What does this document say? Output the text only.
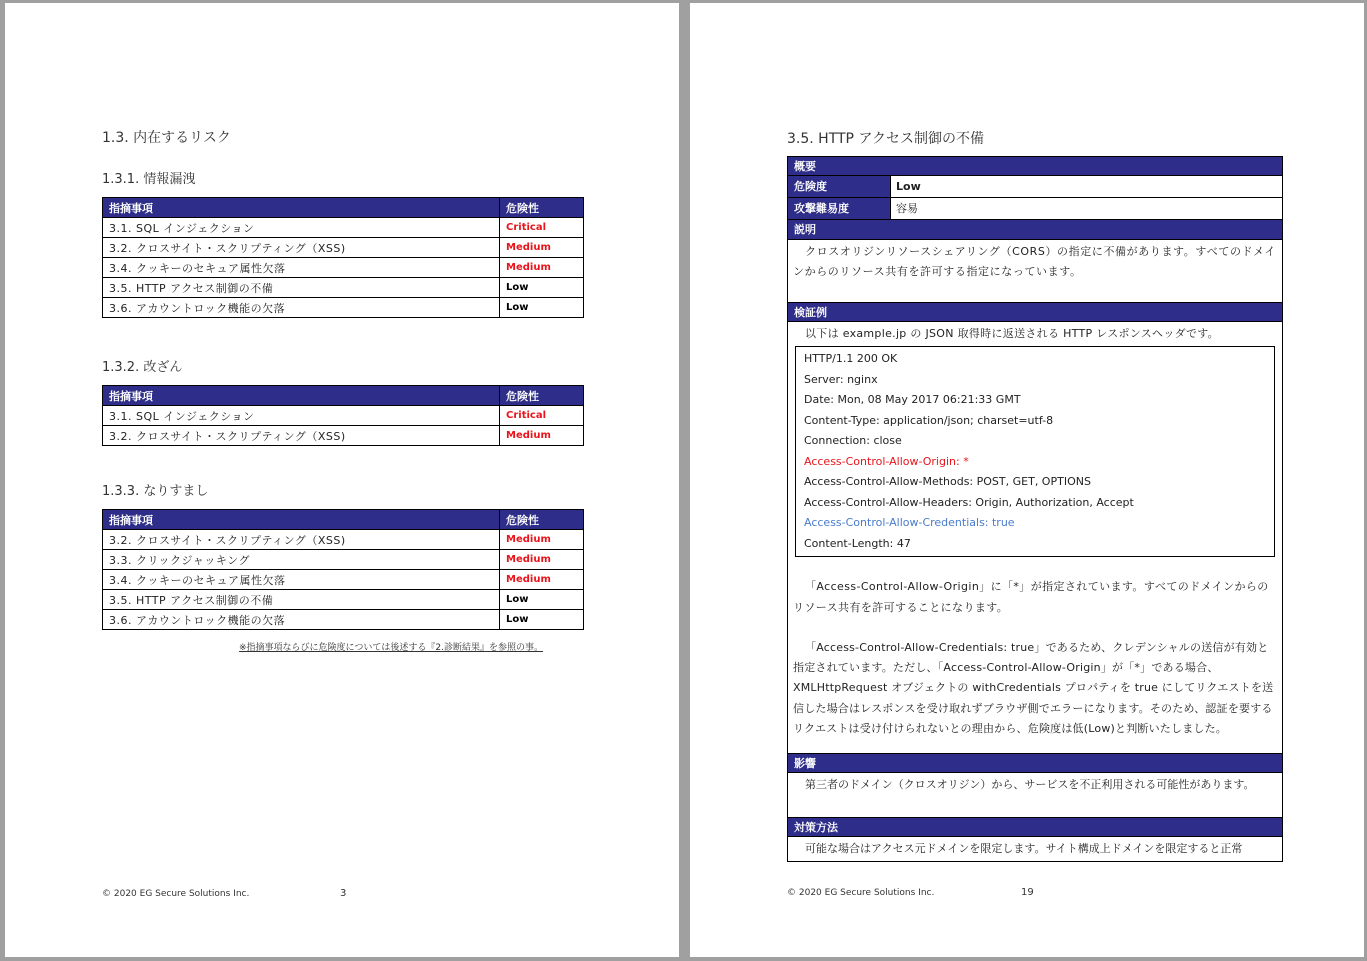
1.3. 内在するリスク
1.3.1. 情報漏洩
指摘事項	危険性
3.1. SQL インジェクション	Critical
3.2. クロスサイト・スクリプティング（XSS)	Medium
3.4. クッキーのセキュア属性欠落	Medium
3.5. HTTP アクセス制御の不備	Low
3.6. アカウントロック機能の欠落	Low
1.3.2. 改ざん
指摘事項	危険性
3.1. SQL インジェクション	Critical
3.2. クロスサイト・スクリプティング（XSS)	Medium
1.3.3. なりすまし
指摘事項	危険性
3.2. クロスサイト・スクリプティング（XSS)	Medium
3.3. クリックジャッキング	Medium
3.4. クッキーのセキュア属性欠落	Medium
3.5. HTTP アクセス制御の不備	Low
3.6. アカウントロック機能の欠落	Low
※指摘事項ならびに危険度については後述する『2.診断結果』を参照の事。
© 2020 EG Secure Solutions Inc.	3
3.5. HTTP アクセス制御の不備
概要
危険度	Low
攻撃難易度	容易
説明
クロスオリジンリソースシェアリング（CORS）の指定に不備があります。すべてのドメインからのリソース共有を許可する指定になっています。
検証例
以下は example.jp の JSON 取得時に返送される HTTP レスポンスヘッダです。
HTTP/1.1 200 OK
Server: nginx
Date: Mon, 08 May 2017 06:21:33 GMT
Content-Type: application/json; charset=utf-8
Connection: close
Access-Control-Allow-Origin: *
Access-Control-Allow-Methods: POST, GET, OPTIONS
Access-Control-Allow-Headers: Origin, Authorization, Accept
Access-Control-Allow-Credentials: true
Content-Length: 47
「Access-Control-Allow-Origin」に「*」が指定されています。すべてのドメインからのリソース共有を許可することになります。
「Access-Control-Allow-Credentials: true」であるため、クレデンシャルの送信が有効と指定されています。ただし、「Access-Control-Allow-Origin」が「*」である場合、XMLHttpRequest オブジェクトの withCredentials プロパティを true にしてリクエストを送信した場合はレスポンスを受け取れずブラウザ側でエラーになります。そのため、認証を要するリクエストは受け付けられないとの理由から、危険度は低(Low)と判断いたしました。
影響
第三者のドメイン（クロスオリジン）から、サービスを不正利用される可能性があります。
対策方法
可能な場合はアクセス元ドメインを限定します。サイト構成上ドメインを限定すると正常
© 2020 EG Secure Solutions Inc.	19
